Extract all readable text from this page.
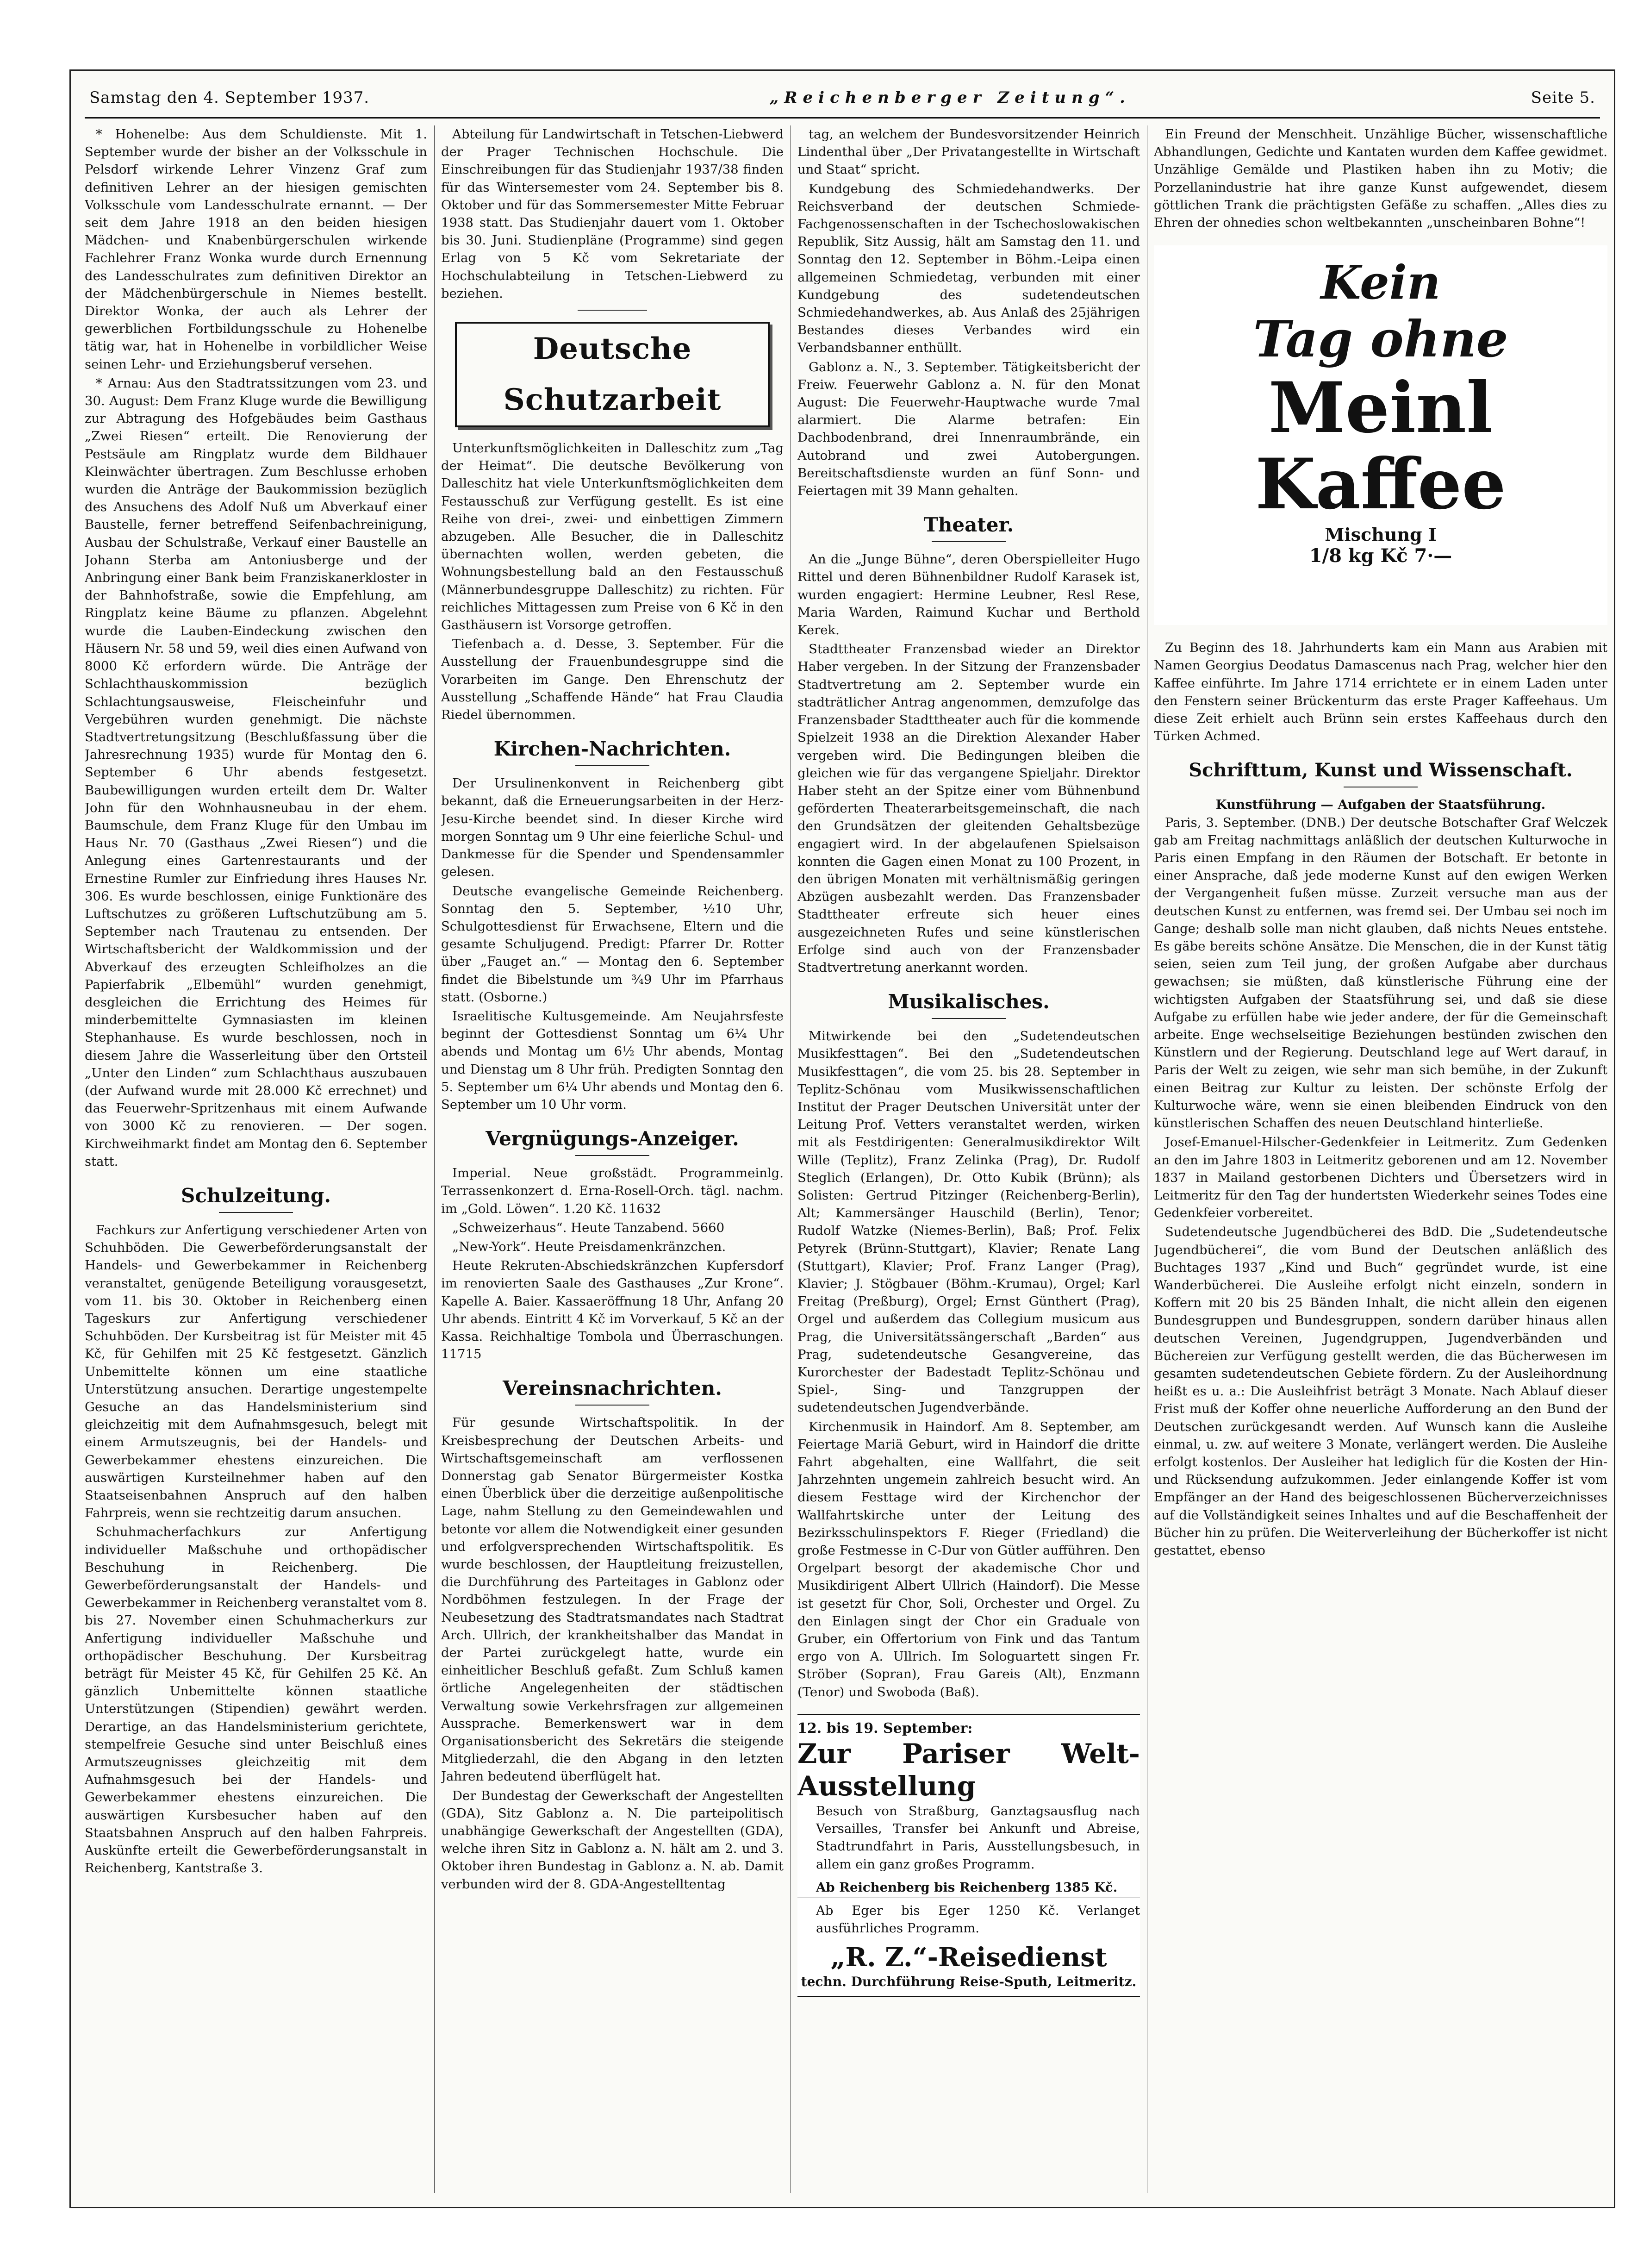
Samstag den 4. September 1937.	„Reichenberger Zeitung“.	Seite 5.

* Hohenelbe: Aus dem Schuldienste. Mit 1. September wurde der bisher an der Volksschule in Pelsdorf wirkende Lehrer Vinzenz Graf zum definitiven Lehrer an der hiesigen gemischten Volksschule vom Landesschulrate ernannt. — Der seit dem Jahre 1918 an den beiden hiesigen Mädchen- und Knabenbürgerschulen wirkende Fachlehrer Franz Wonka wurde durch Ernennung des Landesschulrates zum definitiven Direktor an der Mädchenbürgerschule in Niemes bestellt. Direktor Wonka, der auch als Lehrer der gewerblichen Fortbildungsschule zu Hohenelbe tätig war, hat in Hohenelbe in vorbildlicher Weise seinen Lehr- und Erziehungsberuf versehen.

* Arnau: Aus den Stadtratssitzungen vom 23. und 30. August: Dem Franz Kluge wurde die Bewilligung zur Abtragung des Hofgebäudes beim Gasthaus „Zwei Riesen“ erteilt. Die Renovierung der Pestsäule am Ringplatz wurde dem Bildhauer Kleinwächter übertragen. Zum Beschlusse erhoben wurden die Anträge der Baukommission bezüglich des Ansuchens des Adolf Nuß um Abverkauf einer Baustelle, ferner betreffend Seifenbachreinigung, Ausbau der Schulstraße, Verkauf einer Baustelle an Johann Sterba am Antoniusberge und der Anbringung einer Bank beim Franziskanerkloster in der Bahnhofstraße, sowie die Empfehlung, am Ringplatz keine Bäume zu pflanzen. Abgelehnt wurde die Lauben-Eindeckung zwischen den Häusern Nr. 58 und 59, weil dies einen Aufwand von 8000 Kč erfordern würde. Die Anträge der Schlachthauskommission bezüglich Schlachtungsausweise, Fleischeinfuhr und Vergebühren wurden genehmigt. Die nächste Stadtvertretungsitzung (Beschlußfassung über die Jahresrechnung 1935) wurde für Montag den 6. September 6 Uhr abends festgesetzt. Baubewilligungen wurden erteilt dem Dr. Walter John für den Wohnhausneubau in der ehem. Baumschule, dem Franz Kluge für den Umbau im Haus Nr. 70 (Gasthaus „Zwei Riesen“) und die Anlegung eines Gartenrestaurants und der Ernestine Rumler zur Einfriedung ihres Hauses Nr. 306. Es wurde beschlossen, einige Funktionäre des Luftschutzes zu größeren Luftschutzübung am 5. September nach Trautenau zu entsenden. Der Wirtschaftsbericht der Waldkommission und der Abverkauf des erzeugten Schleifholzes an die Papierfabrik „Elbemühl“ wurden genehmigt, desgleichen die Errichtung des Heimes für minderbemittelte Gymnasiasten im kleinen Stephanhause. Es wurde beschlossen, noch in diesem Jahre die Wasserleitung über den Ortsteil „Unter den Linden“ zum Schlachthaus auszubauen (der Aufwand wurde mit 28.000 Kč errechnet) und das Feuerwehr-Spritzenhaus mit einem Aufwande von 3000 Kč zu renovieren. — Der sogen. Kirchweihmarkt findet am Montag den 6. September statt.

Schulzeitung.

Fachkurs zur Anfertigung verschiedener Arten von Schuhböden. Die Gewerbeförderungsanstalt der Handels- und Gewerbekammer in Reichenberg veranstaltet, genügende Beteiligung vorausgesetzt, vom 11. bis 30. Oktober in Reichenberg einen Tageskurs zur Anfertigung verschiedener Schuhböden. Der Kursbeitrag ist für Meister mit 45 Kč, für Gehilfen mit 25 Kč festgesetzt. Gänzlich Unbemittelte können um eine staatliche Unterstützung ansuchen. Derartige ungestempelte Gesuche an das Handelsministerium sind gleichzeitig mit dem Aufnahmsgesuch, belegt mit einem Armutszeugnis, bei der Handels- und Gewerbekammer ehestens einzureichen. Die auswärtigen Kursteilnehmer haben auf den Staatseisenbahnen Anspruch auf den halben Fahrpreis, wenn sie rechtzeitig darum ansuchen.

Schuhmacherfachkurs zur Anfertigung individueller Maßschuhe und orthopädischer Beschuhung in Reichenberg. Die Gewerbeförderungsanstalt der Handels- und Gewerbekammer in Reichenberg veranstaltet vom 8. bis 27. November einen Schuhmacherkurs zur Anfertigung individueller Maßschuhe und orthopädischer Beschuhung. Der Kursbeitrag beträgt für Meister 45 Kč, für Gehilfen 25 Kč. An gänzlich Unbemittelte können staatliche Unterstützungen (Stipendien) gewährt werden. Derartige, an das Handelsministerium gerichtete, stempelfreie Gesuche sind unter Beischluß eines Armutszeugnisses gleichzeitig mit dem Aufnahmsgesuch bei der Handels- und Gewerbekammer ehestens einzureichen. Die auswärtigen Kursbesucher haben auf den Staatsbahnen Anspruch auf den halben Fahrpreis. Auskünfte erteilt die Gewerbeförderungsanstalt in Reichenberg, Kantstraße 3.

Abteilung für Landwirtschaft in Tetschen-Liebwerd der Prager Technischen Hochschule. Die Einschreibungen für das Studienjahr 1937/38 finden für das Wintersemester vom 24. September bis 8. Oktober und für das Sommersemester Mitte Februar 1938 statt. Das Studienjahr dauert vom 1. Oktober bis 30. Juni. Studienpläne (Programme) sind gegen Erlag von 5 Kč vom Sekretariate der Hochschulabteilung in Tetschen-Liebwerd zu beziehen.

Deutsche Schutzarbeit

Unterkunftsmöglichkeiten in Dalleschitz zum „Tag der Heimat“. Die deutsche Bevölkerung von Dalleschitz hat viele Unterkunftsmöglichkeiten dem Festausschuß zur Verfügung gestellt. Es ist eine Reihe von drei-, zwei- und einbettigen Zimmern abzugeben. Alle Besucher, die in Dalleschitz übernachten wollen, werden gebeten, die Wohnungsbestellung bald an den Festausschuß (Männerbundesgruppe Dalleschitz) zu richten. Für reichliches Mittagessen zum Preise von 6 Kč in den Gasthäusern ist Vorsorge getroffen.

Tiefenbach a. d. Desse, 3. September. Für die Ausstellung der Frauenbundesgruppe sind die Vorarbeiten im Gange. Den Ehrenschutz der Ausstellung „Schaffende Hände“ hat Frau Claudia Riedel übernommen.

Kirchen-Nachrichten.

Der Ursulinenkonvent in Reichenberg gibt bekannt, daß die Erneuerungsarbeiten in der Herz-Jesu-Kirche beendet sind. In dieser Kirche wird morgen Sonntag um 9 Uhr eine feierliche Schul- und Dankmesse für die Spender und Spendensammler gelesen.

Deutsche evangelische Gemeinde Reichenberg. Sonntag den 5. September, ½10 Uhr, Schulgottesdienst für Erwachsene, Eltern und die gesamte Schuljugend. Predigt: Pfarrer Dr. Rotter über „Fauget an.“ — Montag den 6. September findet die Bibelstunde um ¾9 Uhr im Pfarrhaus statt. (Osborne.)

Israelitische Kultusgemeinde. Am Neujahrsfeste beginnt der Gottesdienst Sonntag um 6¼ Uhr abends und Montag um 6½ Uhr abends, Montag und Dienstag um 8 Uhr früh. Predigten Sonntag den 5. September um 6¼ Uhr abends und Montag den 6. September um 10 Uhr vorm.

Vergnügungs-Anzeiger.

Imperial. Neue großstädt. Programmeinlg. Terrassenkonzert d. Erna-Rosell-Orch. tägl. nachm. im „Gold. Löwen“. 1.20 Kč. 11632

„Schweizerhaus“. Heute Tanzabend. 5660

„New-York“. Heute Preisdamenkränzchen.

Heute Rekruten-Abschiedskränzchen Kupfersdorf im renovierten Saale des Gasthauses „Zur Krone“. Kapelle A. Baier. Kassaeröffnung 18 Uhr, Anfang 20 Uhr abends. Eintritt 4 Kč im Vorverkauf, 5 Kč an der Kassa. Reichhaltige Tombola und Überraschungen. 11715

Vereinsnachrichten.

Für gesunde Wirtschaftspolitik. In der Kreisbesprechung der Deutschen Arbeits- und Wirtschaftsgemeinschaft am verflossenen Donnerstag gab Senator Bürgermeister Kostka einen Überblick über die derzeitige außenpolitische Lage, nahm Stellung zu den Gemeindewahlen und betonte vor allem die Notwendigkeit einer gesunden und erfolgversprechenden Wirtschaftspolitik. Es wurde beschlossen, der Hauptleitung freizustellen, die Durchführung des Parteitages in Gablonz oder Nordböhmen festzulegen. In der Frage der Neubesetzung des Stadtratsmandates nach Stadtrat Arch. Ullrich, der krankheitshalber das Mandat in der Partei zurückgelegt hatte, wurde ein einheitlicher Beschluß gefaßt. Zum Schluß kamen örtliche Angelegenheiten der städtischen Verwaltung sowie Verkehrsfragen zur allgemeinen Aussprache. Bemerkenswert war in dem Organisationsbericht des Sekretärs die steigende Mitgliederzahl, die den Abgang in den letzten Jahren bedeutend überflügelt hat.

Der Bundestag der Gewerkschaft der Angestellten (GDA), Sitz Gablonz a. N. Die parteipolitisch unabhängige Gewerkschaft der Angestellten (GDA), welche ihren Sitz in Gablonz a. N. hält am 2. und 3. Oktober ihren Bundestag in Gablonz a. N. ab. Damit verbunden wird der 8. GDA-Angestelltentag

tag, an welchem der Bundesvorsitzender Heinrich Lindenthal über „Der Privatangestellte in Wirtschaft und Staat“ spricht.

Kundgebung des Schmiedehandwerks. Der Reichsverband der deutschen Schmiede-Fachgenossenschaften in der Tschechoslowakischen Republik, Sitz Aussig, hält am Samstag den 11. und Sonntag den 12. September in Böhm.-Leipa einen allgemeinen Schmiedetag, verbunden mit einer Kundgebung des sudetendeutschen Schmiedehandwerkes, ab. Aus Anlaß des 25jährigen Bestandes dieses Verbandes wird ein Verbandsbanner enthüllt.

Gablonz a. N., 3. September. Tätigkeitsbericht der Freiw. Feuerwehr Gablonz a. N. für den Monat August: Die Feuerwehr-Hauptwache wurde 7mal alarmiert. Die Alarme betrafen: Ein Dachbodenbrand, drei Innenraumbrände, ein Autobrand und zwei Autobergungen. Bereitschaftsdienste wurden an fünf Sonn- und Feiertagen mit 39 Mann gehalten.

Theater.

An die „Junge Bühne“, deren Oberspielleiter Hugo Rittel und deren Bühnenbildner Rudolf Karasek ist, wurden engagiert: Hermine Leubner, Resl Rese, Maria Warden, Raimund Kuchar und Berthold Kerek.

Stadttheater Franzensbad wieder an Direktor Haber vergeben. In der Sitzung der Franzensbader Stadtvertretung am 2. September wurde ein stadträtlicher Antrag angenommen, demzufolge das Franzensbader Stadttheater auch für die kommende Spielzeit 1938 an die Direktion Alexander Haber vergeben wird. Die Bedingungen bleiben die gleichen wie für das vergangene Spieljahr. Direktor Haber steht an der Spitze einer vom Bühnenbund geförderten Theaterarbeitsgemeinschaft, die nach den Grundsätzen der gleitenden Gehaltsbezüge engagiert wird. In der abgelaufenen Spielsaison konnten die Gagen einen Monat zu 100 Prozent, in den übrigen Monaten mit verhältnismäßig geringen Abzügen ausbezahlt werden. Das Franzensbader Stadttheater erfreute sich heuer eines ausgezeichneten Rufes und seine künstlerischen Erfolge sind auch von der Franzensbader Stadtvertretung anerkannt worden.

Musikalisches.

Mitwirkende bei den „Sudetendeutschen Musikfesttagen“. Bei den „Sudetendeutschen Musikfesttagen“, die vom 25. bis 28. September in Teplitz-Schönau vom Musikwissenschaftlichen Institut der Prager Deutschen Universität unter der Leitung Prof. Vetters veranstaltet werden, wirken mit als Festdirigenten: Generalmusikdirektor Wilt Wille (Teplitz), Franz Zelinka (Prag), Dr. Rudolf Steglich (Erlangen), Dr. Otto Kubik (Brünn); als Solisten: Gertrud Pitzinger (Reichenberg-Berlin), Alt; Kammersänger Hauschild (Berlin), Tenor; Rudolf Watzke (Niemes-Berlin), Baß; Prof. Felix Petyrek (Brünn-Stuttgart), Klavier; Renate Lang (Stuttgart), Klavier; Prof. Franz Langer (Prag), Klavier; J. Stögbauer (Böhm.-Krumau), Orgel; Karl Freitag (Preßburg), Orgel; Ernst Günthert (Prag), Orgel und außerdem das Collegium musicum aus Prag, die Universitätssängerschaft „Barden“ aus Prag, sudetendeutsche Gesangvereine, das Kurorchester der Badestadt Teplitz-Schönau und Spiel-, Sing- und Tanzgruppen der sudetendeutschen Jugendverbände.

Kirchenmusik in Haindorf. Am 8. September, am Feiertage Mariä Geburt, wird in Haindorf die dritte Fahrt abgehalten, eine Wallfahrt, die seit Jahrzehnten ungemein zahlreich besucht wird. An diesem Festtage wird der Kirchenchor der Wallfahrtskirche unter der Leitung des Bezirksschulinspektors F. Rieger (Friedland) die große Festmesse in C-Dur von Gütler aufführen. Den Orgelpart besorgt der akademische Chor und Musikdirigent Albert Ullrich (Haindorf). Die Messe ist gesetzt für Chor, Soli, Orchester und Orgel. Zu den Einlagen singt der Chor ein Graduale von Gruber, ein Offertorium von Fink und das Tantum ergo von A. Ullrich. Im Sologuartett singen Fr. Ströber (Sopran), Frau Gareis (Alt), Enzmann (Tenor) und Swoboda (Baß).

12. bis 19. September:
Zur Pariser Welt-Ausstellung
Besuch von Straßburg, Ganztagsausflug nach Versailles, Transfer bei Ankunft und Abreise, Stadtrundfahrt in Paris, Ausstellungsbesuch, in allem ein ganz großes Programm.
Ab Reichenberg bis Reichenberg 1385 Kč.
Ab Eger bis Eger 1250 Kč. Verlanget ausführliches Programm.
„R. Z.“-Reisedienst
techn. Durchführung Reise-Sputh, Leitmeritz.

Ein Freund der Menschheit. Unzählige Bücher, wissenschaftliche Abhandlungen, Gedichte und Kantaten wurden dem Kaffee gewidmet. Unzählige Gemälde und Plastiken haben ihn zu Motiv; die Porzellanindustrie hat ihre ganze Kunst aufgewendet, diesem göttlichen Trank die prächtigsten Gefäße zu schaffen. „Alles dies zu Ehren der ohnedies schon weltbekannten „unscheinbaren Bohne“!

Kein
Tag ohne
Meinl
Kaffee
Mischung I
1/8 kg Kč 7·—

Zu Beginn des 18. Jahrhunderts kam ein Mann aus Arabien mit Namen Georgius Deodatus Damascenus nach Prag, welcher hier den Kaffee einführte. Im Jahre 1714 errichtete er in einem Laden unter den Fenstern seiner Brückenturm das erste Prager Kaffeehaus. Um diese Zeit erhielt auch Brünn sein erstes Kaffeehaus durch den Türken Achmed.

Schrifttum, Kunst und Wissenschaft.
Kunstführung — Aufgaben der Staatsführung.

Paris, 3. September. (DNB.) Der deutsche Botschafter Graf Welczek gab am Freitag nachmittags anläßlich der deutschen Kulturwoche in Paris einen Empfang in den Räumen der Botschaft. Er betonte in einer Ansprache, daß jede moderne Kunst auf den ewigen Werken der Vergangenheit fußen müsse. Zurzeit versuche man aus der deutschen Kunst zu entfernen, was fremd sei. Der Umbau sei noch im Gange; deshalb solle man nicht glauben, daß nichts Neues entstehe. Es gäbe bereits schöne Ansätze. Die Menschen, die in der Kunst tätig seien, seien zum Teil jung, der großen Aufgabe aber durchaus gewachsen; sie müßten, daß künstlerische Führung eine der wichtigsten Aufgaben der Staatsführung sei, und daß sie diese Aufgabe zu erfüllen habe wie jeder andere, der für die Gemeinschaft arbeite. Enge wechselseitige Beziehungen bestünden zwischen den Künstlern und der Regierung. Deutschland lege auf Wert darauf, in Paris der Welt zu zeigen, wie sehr man sich bemühe, in der Zukunft einen Beitrag zur Kultur zu leisten. Der schönste Erfolg der Kulturwoche wäre, wenn sie einen bleibenden Eindruck von den künstlerischen Schaffen des neuen Deutschland hinterließe.

Josef-Emanuel-Hilscher-Gedenkfeier in Leitmeritz. Zum Gedenken an den im Jahre 1803 in Leitmeritz geborenen und am 12. November 1837 in Mailand gestorbenen Dichters und Übersetzers wird in Leitmeritz für den Tag der hundertsten Wiederkehr seines Todes eine Gedenkfeier vorbereitet.

Sudetendeutsche Jugendbücherei des BdD. Die „Sudetendeutsche Jugendbücherei“, die vom Bund der Deutschen anläßlich des Buchtages 1937 „Kind und Buch“ gegründet wurde, ist eine Wanderbücherei. Die Ausleihe erfolgt nicht einzeln, sondern in Koffern mit 20 bis 25 Bänden Inhalt, die nicht allein den eigenen Bundesgruppen und Bundesgruppen, sondern darüber hinaus allen deutschen Vereinen, Jugendgruppen, Jugendverbänden und Büchereien zur Verfügung gestellt werden, die das Bücherwesen im gesamten sudetendeutschen Gebiete fördern. Zu der Ausleihordnung heißt es u. a.: Die Ausleihfrist beträgt 3 Monate. Nach Ablauf dieser Frist muß der Koffer ohne neuerliche Aufforderung an den Bund der Deutschen zurückgesandt werden. Auf Wunsch kann die Ausleihe einmal, u. zw. auf weitere 3 Monate, verlängert werden. Die Ausleihe erfolgt kostenlos. Der Ausleiher hat lediglich für die Kosten der Hin- und Rücksendung aufzukommen. Jeder einlangende Koffer ist vom Empfänger an der Hand des beigeschlossenen Bücherverzeichnisses auf die Vollständigkeit seines Inhaltes und auf die Beschaffenheit der Bücher hin zu prüfen. Die Weiterverleihung der Bücherkoffer ist nicht gestattet, ebenso
